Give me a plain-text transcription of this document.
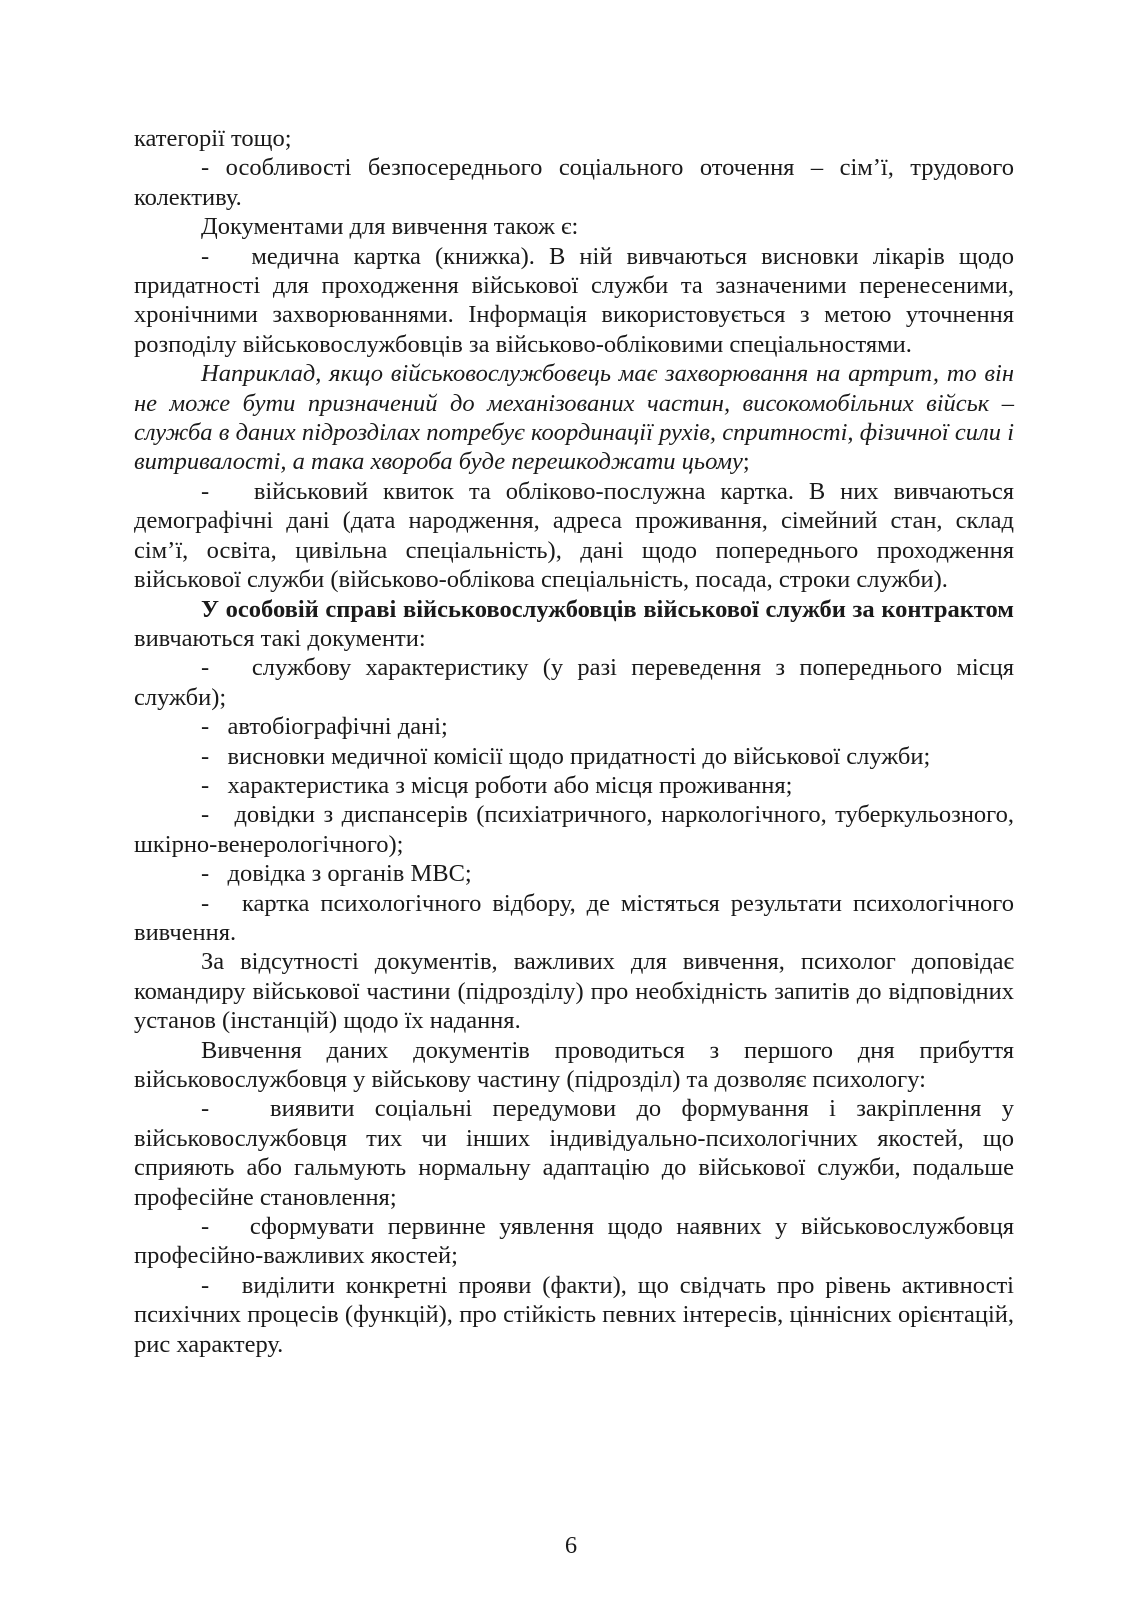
категорії тощо;

- особливості безпосереднього соціального оточення – сім’ї, трудового колективу.

Документами для вивчення також є:

-   медична картка (книжка). В ній вивчаються висновки лікарів щодо придатності для проходження військової служби та зазначеними перенесеними, хронічними захворюваннями. Інформація використовується з метою уточнення розподілу військовослужбовців за військово-обліковими спеціальностями.

Наприклад, якщо військовослужбовець має захворювання на артрит, то він не може бути призначений до механізованих частин, високомобільних військ – служба в даних підрозділах потребує координації рухів, спритності, фізичної сили і витривалості, а така хвороба буде перешкоджати цьому;

-   військовий квиток та обліково-послужна картка. В них вивчаються демографічні дані (дата народження, адреса проживання, сімейний стан, склад сім’ї, освіта, цивільна спеціальність), дані щодо попереднього проходження військової служби (військово-облікова спеціальність, посада, строки служби).

У особовій справі військовослужбовців військової служби за контрактом вивчаються такі документи:

-   службову характеристику (у разі переведення з попереднього місця служби);

-   автобіографічні дані;

-   висновки медичної комісії щодо придатності до військової служби;

-   характеристика з місця роботи або місця проживання;

-   довідки з диспансерів (психіатричного, наркологічного, туберкульозного, шкірно-венерологічного);

-   довідка з органів МВС;

-   картка психологічного відбору, де містяться результати психологічного вивчення.

За відсутності документів, важливих для вивчення, психолог доповідає командиру військової частини (підрозділу) про необхідність запитів до відповідних установ (інстанцій) щодо їх надання.

Вивчення даних документів проводиться з першого дня прибуття військовослужбовця у військову частину (підрозділ) та дозволяє психологу:

-   виявити соціальні передумови до формування і закріплення у військовослужбовця тих чи інших індивідуально-психологічних якостей, що сприяють або гальмують нормальну адаптацію до військової служби, подальше професійне становлення;

-   сформувати первинне уявлення щодо наявних у військовослужбовця професійно-важливих якостей;

-   виділити конкретні прояви (факти), що свідчать про рівень активності психічних процесів (функцій), про стійкість певних інтересів, ціннісних орієнтацій, рис характеру.

6
